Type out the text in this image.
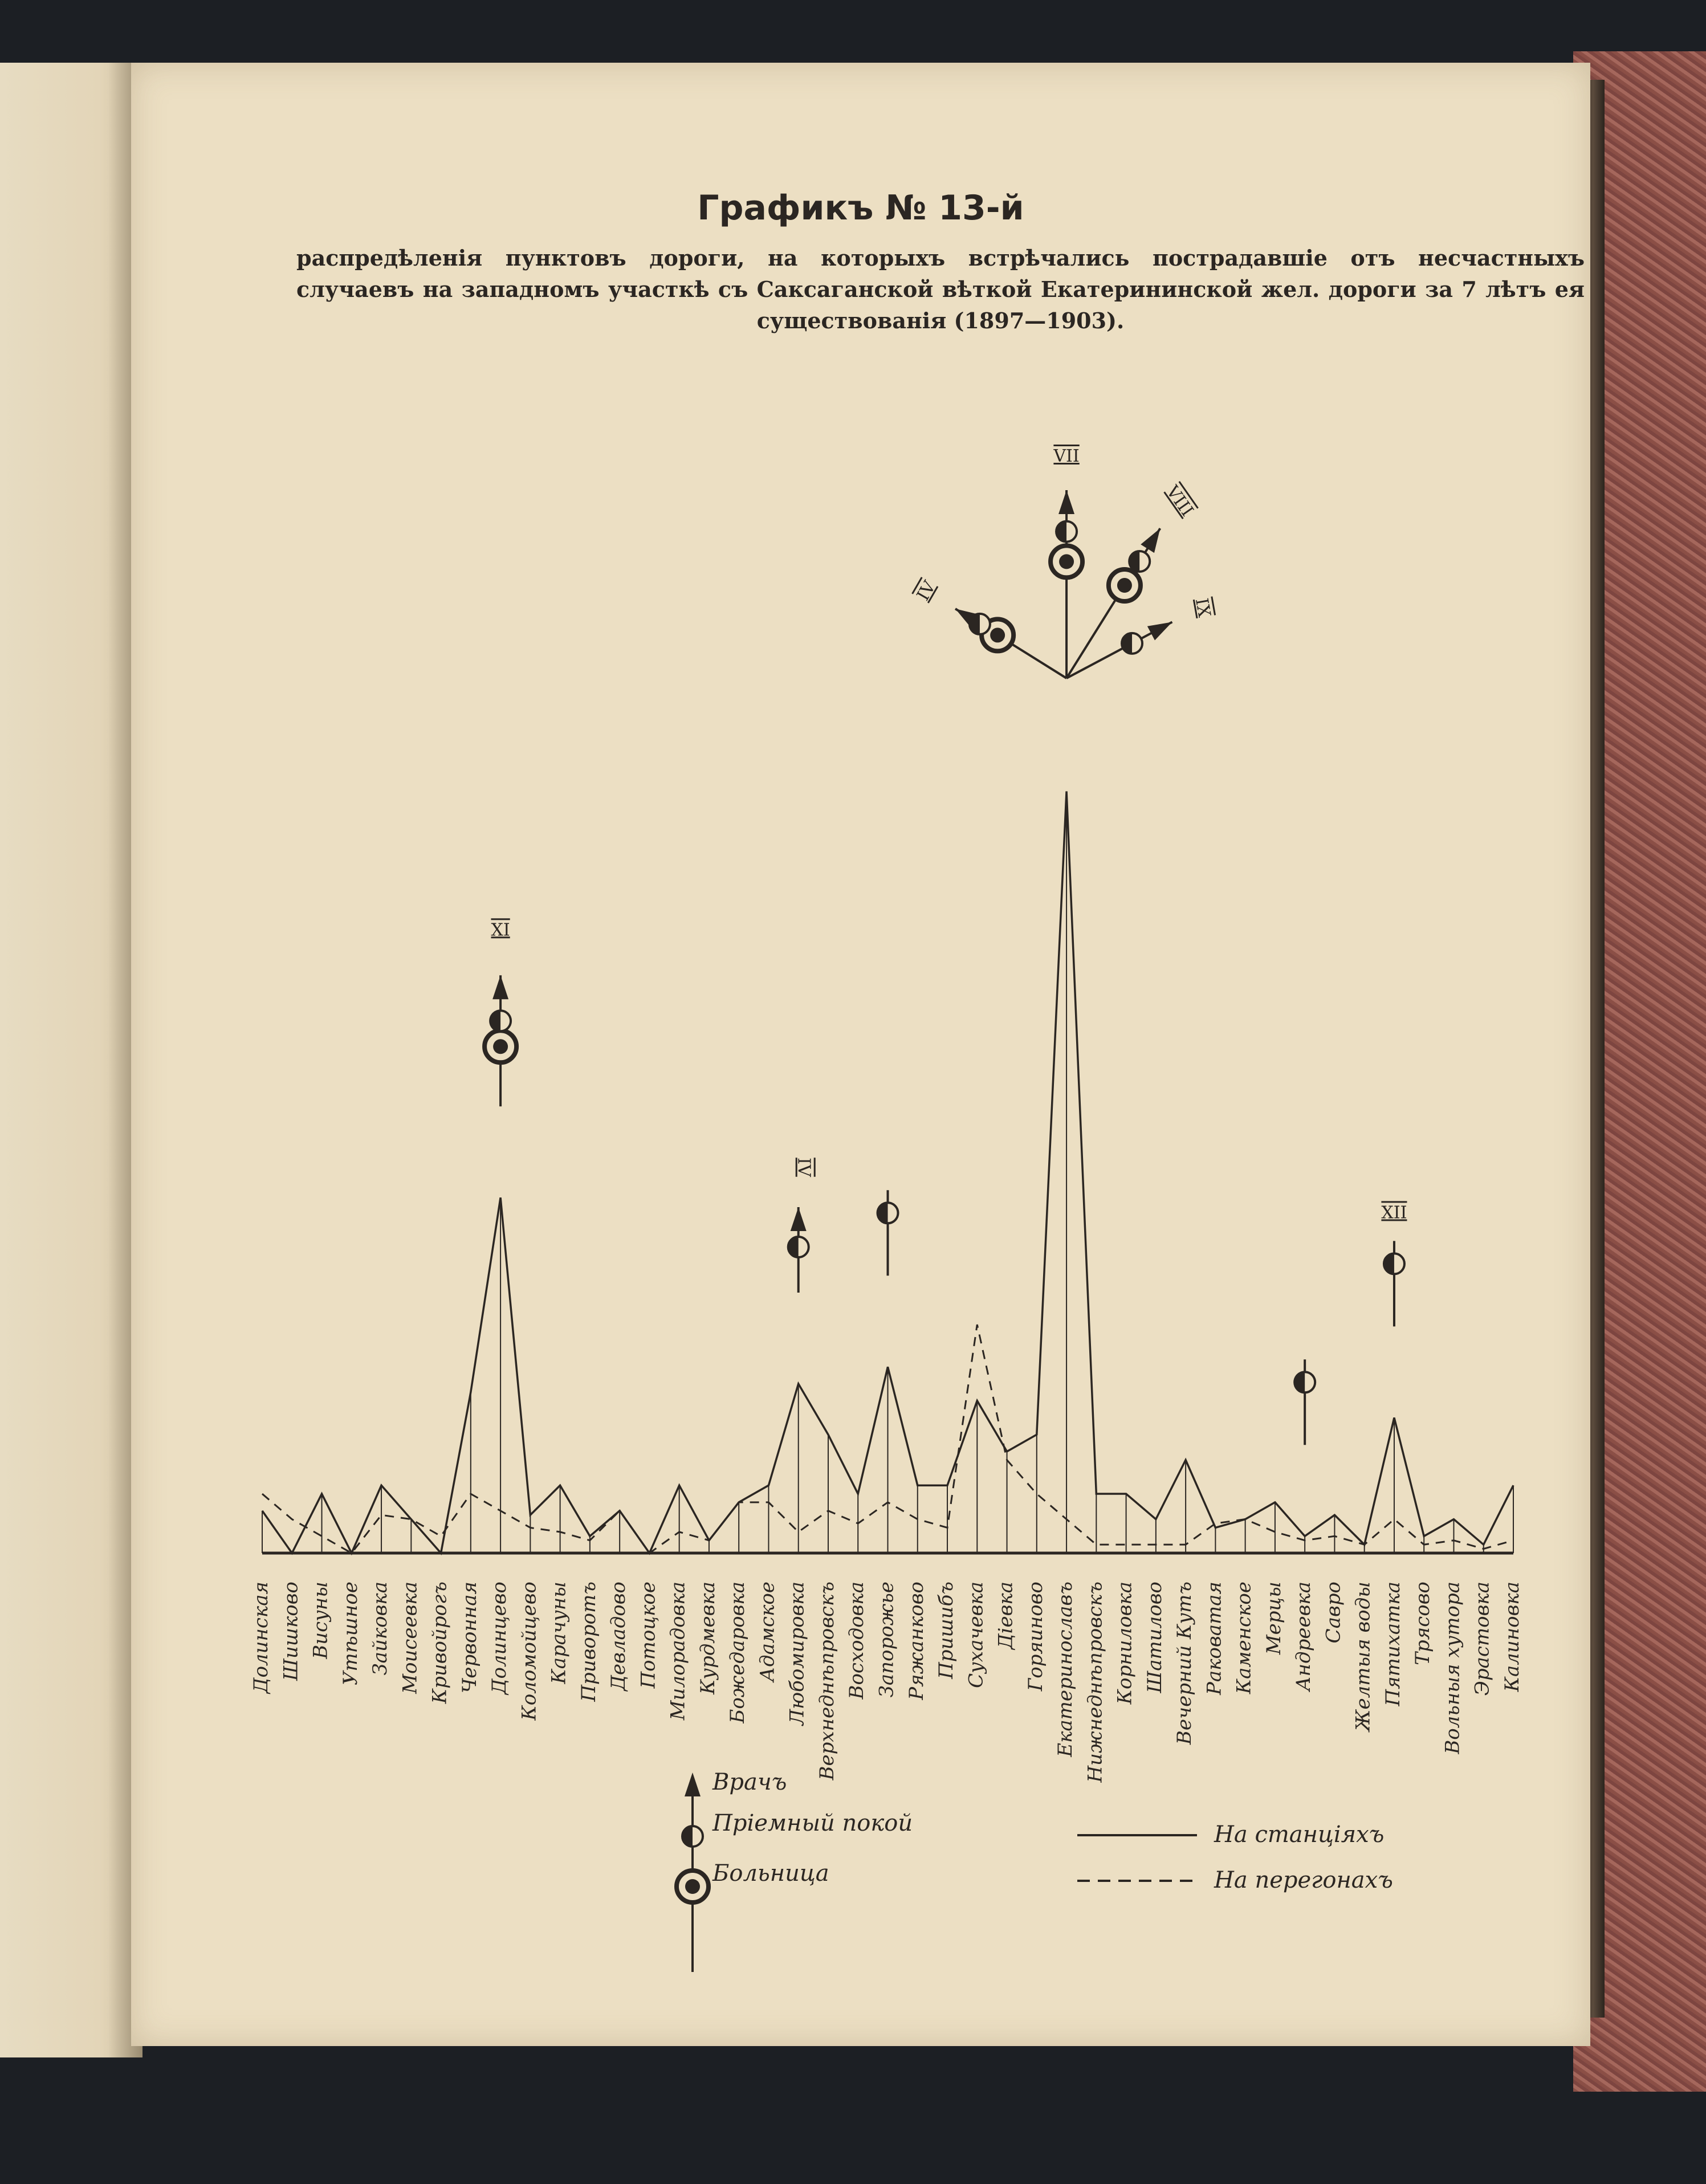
Графикъ № 13-й
распредѣленія пунктовъ дороги, на которыхъ встрѣчались пострадавшіе отъ несчастныхъ случаевъ на западномъ участкѣ съ Саксаганской вѣткой Екатерининской жел. дороги за 7 лѣтъ ея существованія (1897—1903).
XI
IV
XII
IV
VII
VIII
IX
Долинская Шишково Висуны Утѣшное Зайковка Моисеевка Кривойрогъ Червонная Долинцево Коломойцево Карачуны Приворотъ Девладово Потоцкое Милорадовка Курдмевка Божедаровка Адамское Любомировка Верхнеднѣпровскъ Восходовка Запорожье Ряжанково Пришибъ Сухачевка Діевка Горяиново Екатеринославъ Нижнеднѣпровскъ Корниловка Шатилово Вечерний Кутъ Раковатая Каменское Мерцы Андреевка Савро Желтыя воды Пятихатка Трясово Вольныя хутора Эрастовка Калиновка
Врачъ
Пріемный покой
Больница
На станціяхъ
На перегонахъ
